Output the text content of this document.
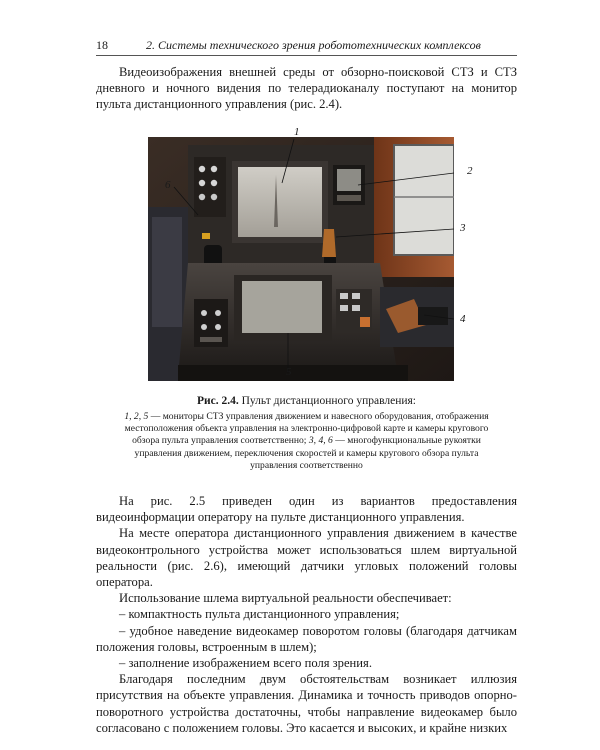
18	2. Системы технического зрения робототехнических комплексов
Видеоизображения внешней среды от обзорно-поисковой СТЗ и СТЗ дневного и ночного видения по телерадиоканалу поступают на монитор пульта дистанционного управления (рис. 2.4).
1
2
3
4
5
6
Рис. 2.4. Пульт дистанционного управления:
1, 2, 5 — мониторы СТЗ управления движением и навесного оборудования, отображения местоположения объекта управления на электронно-цифровой карте и камеры кругового обзора пульта управления соответственно; 3, 4, 6 — многофункциональные рукоятки управления движением, переключения скоростей и камеры кругового обзора пульта управления соответственно

На рис. 2.5 приведен один из вариантов предоставления видеоинформации оператору на пульте дистанционного управления.

На месте оператора дистанционного управления движением в качестве видеоконтрольного устройства может использоваться шлем виртуальной реальности (рис. 2.6), имеющий датчики угловых положений головы оператора.

Использование шлема виртуальной реальности обеспечивает:

– компактность пульта дистанционного управления;

– удобное наведение видеокамер поворотом головы (благодаря датчикам положения головы, встроенным в шлем);

– заполнение изображением всего поля зрения.

Благодаря последним двум обстоятельствам возникает иллюзия присутствия на объекте управления. Динамика и точность приводов опорно-поворотного устройства достаточны, чтобы направление видеокамер было согласовано с положением головы. Это касается и высоких, и крайне низких
